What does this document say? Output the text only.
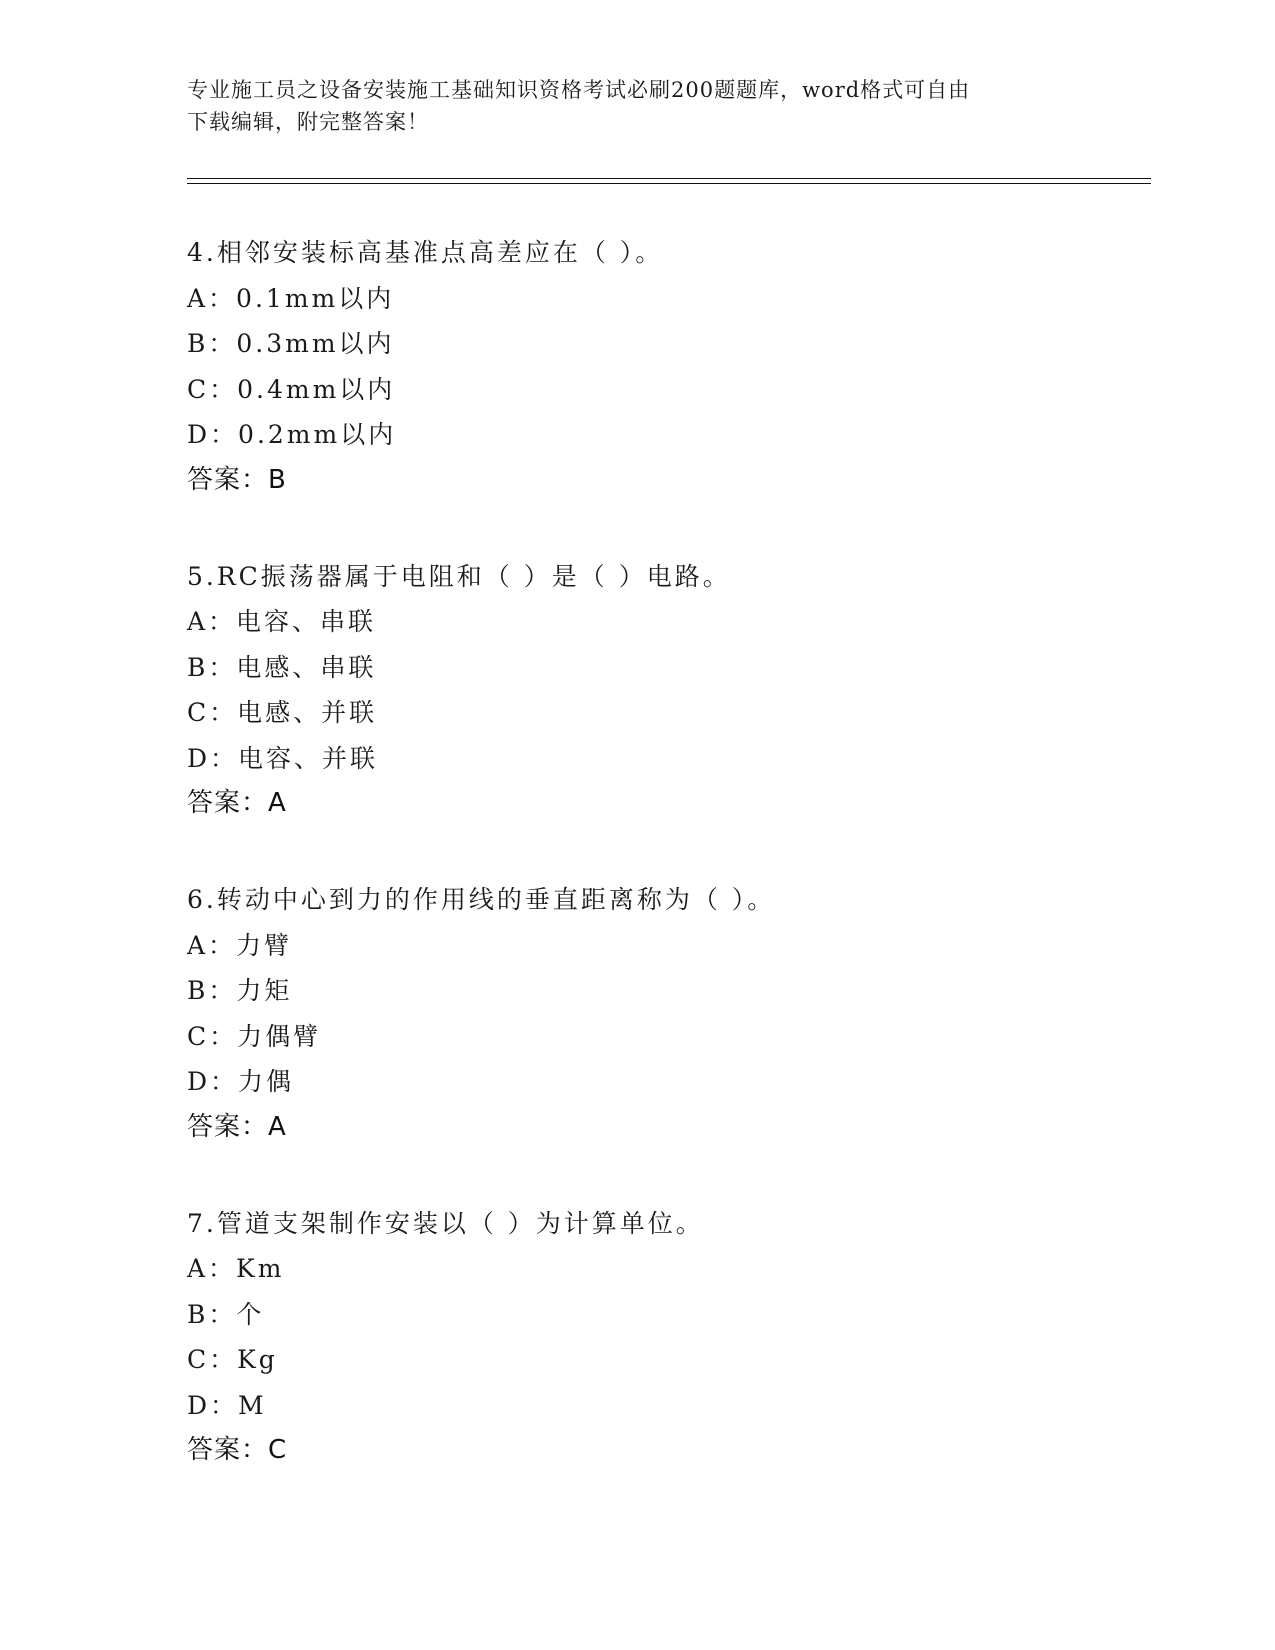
专业施工员之设备安装施工基础知识资格考试必刷200题题库，word格式可自由
下载编辑，附完整答案！
4.相邻安装标高基准点高差应在（ ）。
A：0.1mm以内
B：0.3mm以内
C：0.4mm以内
D：0.2mm以内
答案：B
5.RC振荡器属于电阻和（ ）是（ ）电路。
A：电容、串联
B：电感、串联
C：电感、并联
D：电容、并联
答案：A
6.转动中心到力的作用线的垂直距离称为（ ）。
A：力臂
B：力矩
C：力偶臂
D：力偶
答案：A
7.管道支架制作安装以（ ）为计算单位。
A：Km
B：个
C：Kg
D：M
答案：C
